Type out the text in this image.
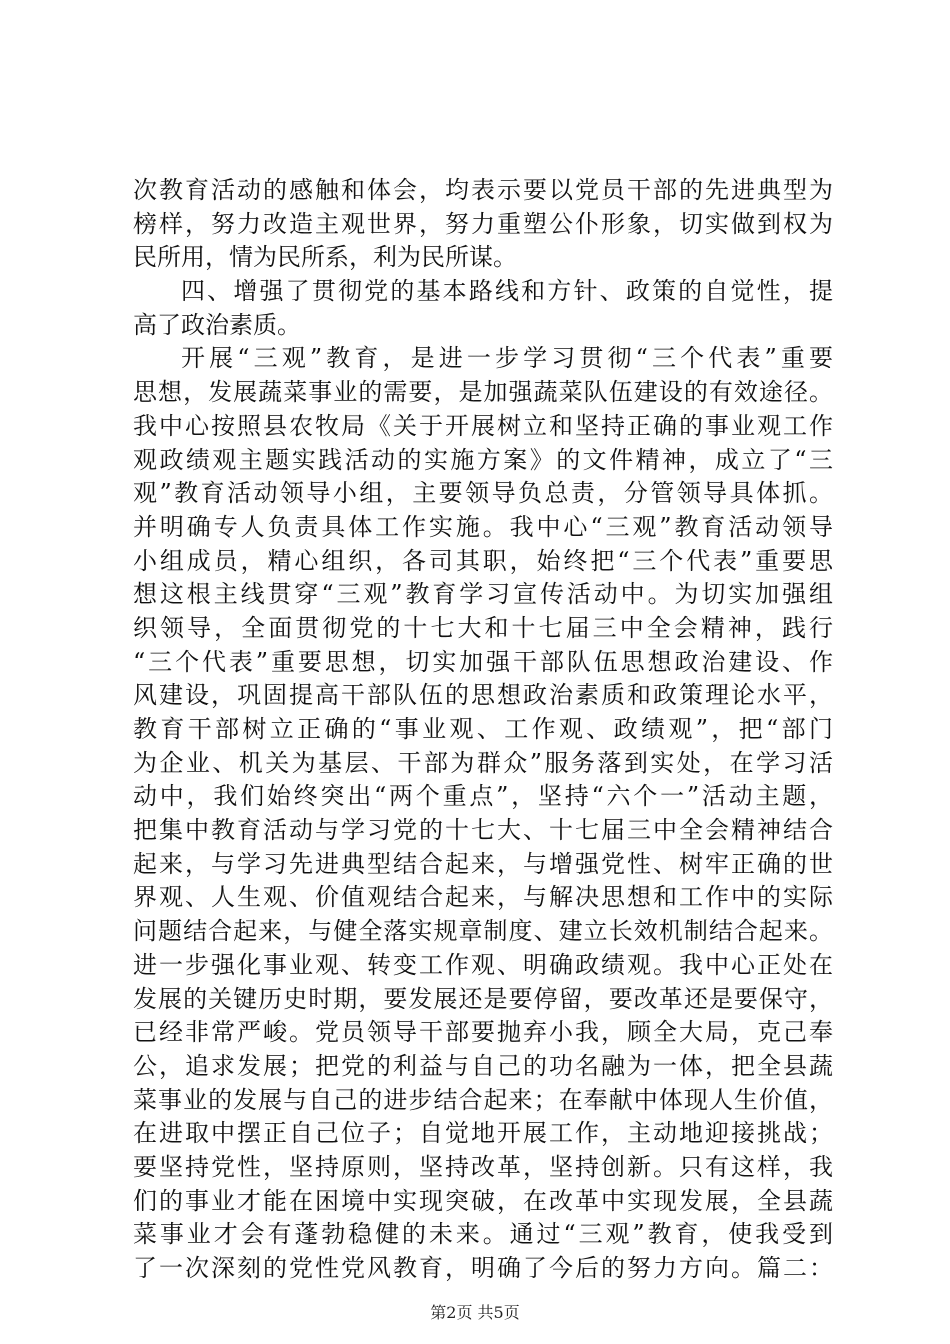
次教育活动的感触和体会，均表示要以党员干部的先进典型为
榜样，努力改造主观世界，努力重塑公仆形象，切实做到权为
民所用，情为民所系，利为民所谋。
四、增强了贯彻党的基本路线和方针、政策的自觉性，提
高了政治素质。
开展“三观”教育，是进一步学习贯彻“三个代表”重要
思想，发展蔬菜事业的需要，是加强蔬菜队伍建设的有效途径。
我中心按照县农牧局《关于开展树立和坚持正确的事业观工作
观政绩观主题实践活动的实施方案》的文件精神，成立了“三
观”教育活动领导小组，主要领导负总责，分管领导具体抓。
并明确专人负责具体工作实施。我中心“三观”教育活动领导
小组成员，精心组织，各司其职，始终把“三个代表”重要思
想这根主线贯穿“三观”教育学习宣传活动中。为切实加强组
织领导，全面贯彻党的十七大和十七届三中全会精神，践行
“三个代表”重要思想，切实加强干部队伍思想政治建设、作
风建设，巩固提高干部队伍的思想政治素质和政策理论水平，
教育干部树立正确的“事业观、工作观、政绩观”，把“部门
为企业、机关为基层、干部为群众”服务落到实处，在学习活
动中，我们始终突出“两个重点”，坚持“六个一”活动主题，
把集中教育活动与学习党的十七大、十七届三中全会精神结合
起来，与学习先进典型结合起来，与增强党性、树牢正确的世
界观、人生观、价值观结合起来，与解决思想和工作中的实际
问题结合起来，与健全落实规章制度、建立长效机制结合起来。
进一步强化事业观、转变工作观、明确政绩观。我中心正处在
发展的关键历史时期，要发展还是要停留，要改革还是要保守，
已经非常严峻。党员领导干部要抛弃小我，顾全大局，克己奉
公，追求发展；把党的利益与自己的功名融为一体，把全县蔬
菜事业的发展与自己的进步结合起来；在奉献中体现人生价值，
在进取中摆正自己位子；自觉地开展工作，主动地迎接挑战；
要坚持党性，坚持原则，坚持改革，坚持创新。只有这样，我
们的事业才能在困境中实现突破，在改革中实现发展，全县蔬
菜事业才会有蓬勃稳健的未来。通过“三观”教育，使我受到
了一次深刻的党性党风教育，明确了今后的努力方向。篇二：
第2页 共5页
